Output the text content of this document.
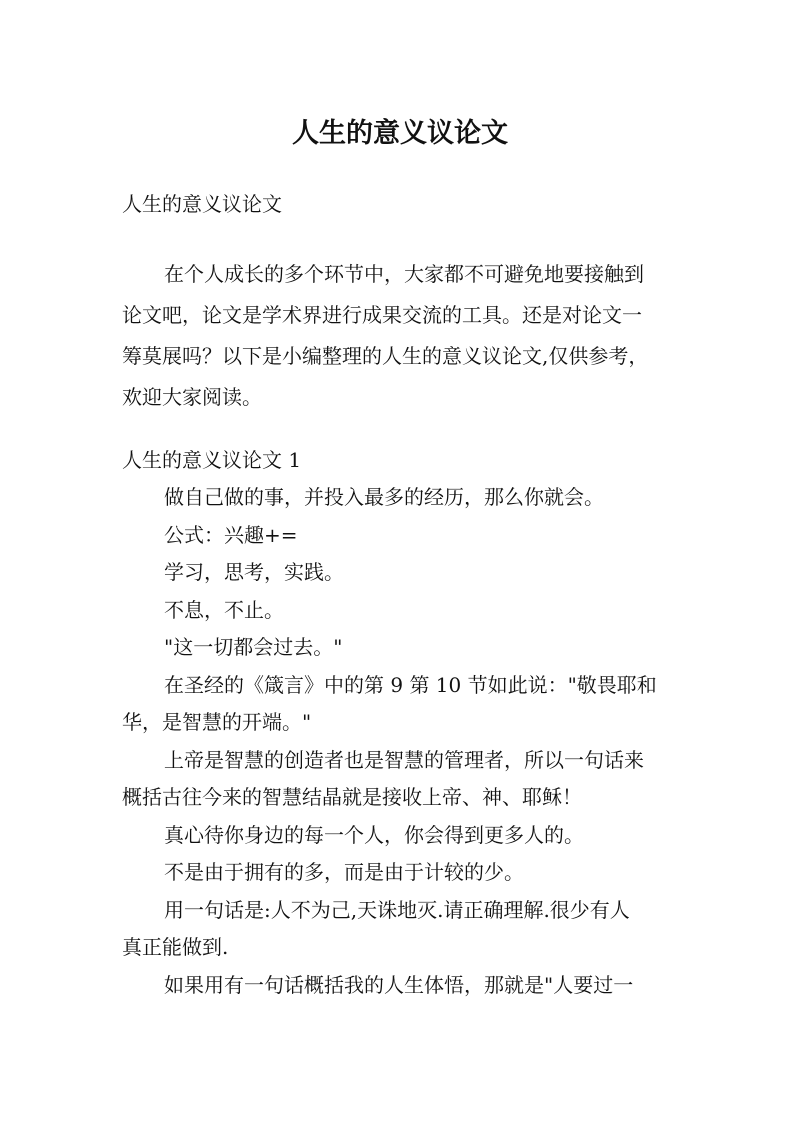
人生的意义议论文

人生的意义议论文

在个人成长的多个环节中，大家都不可避免地要接触到

论文吧，论文是学术界进行成果交流的工具。还是对论文一

筹莫展吗？以下是小编整理的人生的意义议论文,仅供参考，

欢迎大家阅读。

人生的意义议论文 1

做自己做的事，并投入最多的经历，那么你就会。

公式：兴趣+=

学习，思考，实践。

不息，不止。

"这一切都会过去。"

在圣经的《箴言》中的第 9 第 10 节如此说："敬畏耶和

华，是智慧的开端。"

上帝是智慧的创造者也是智慧的管理者，所以一句话来

概括古往今来的智慧结晶就是接收上帝、神、耶稣！

真心待你身边的每一个人，你会得到更多人的。

不是由于拥有的多，而是由于计较的少。

用一句话是:人不为己,天诛地灭.请正确理解.很少有人

真正能做到.

如果用有一句话概括我的人生体悟，那就是"人要过一
